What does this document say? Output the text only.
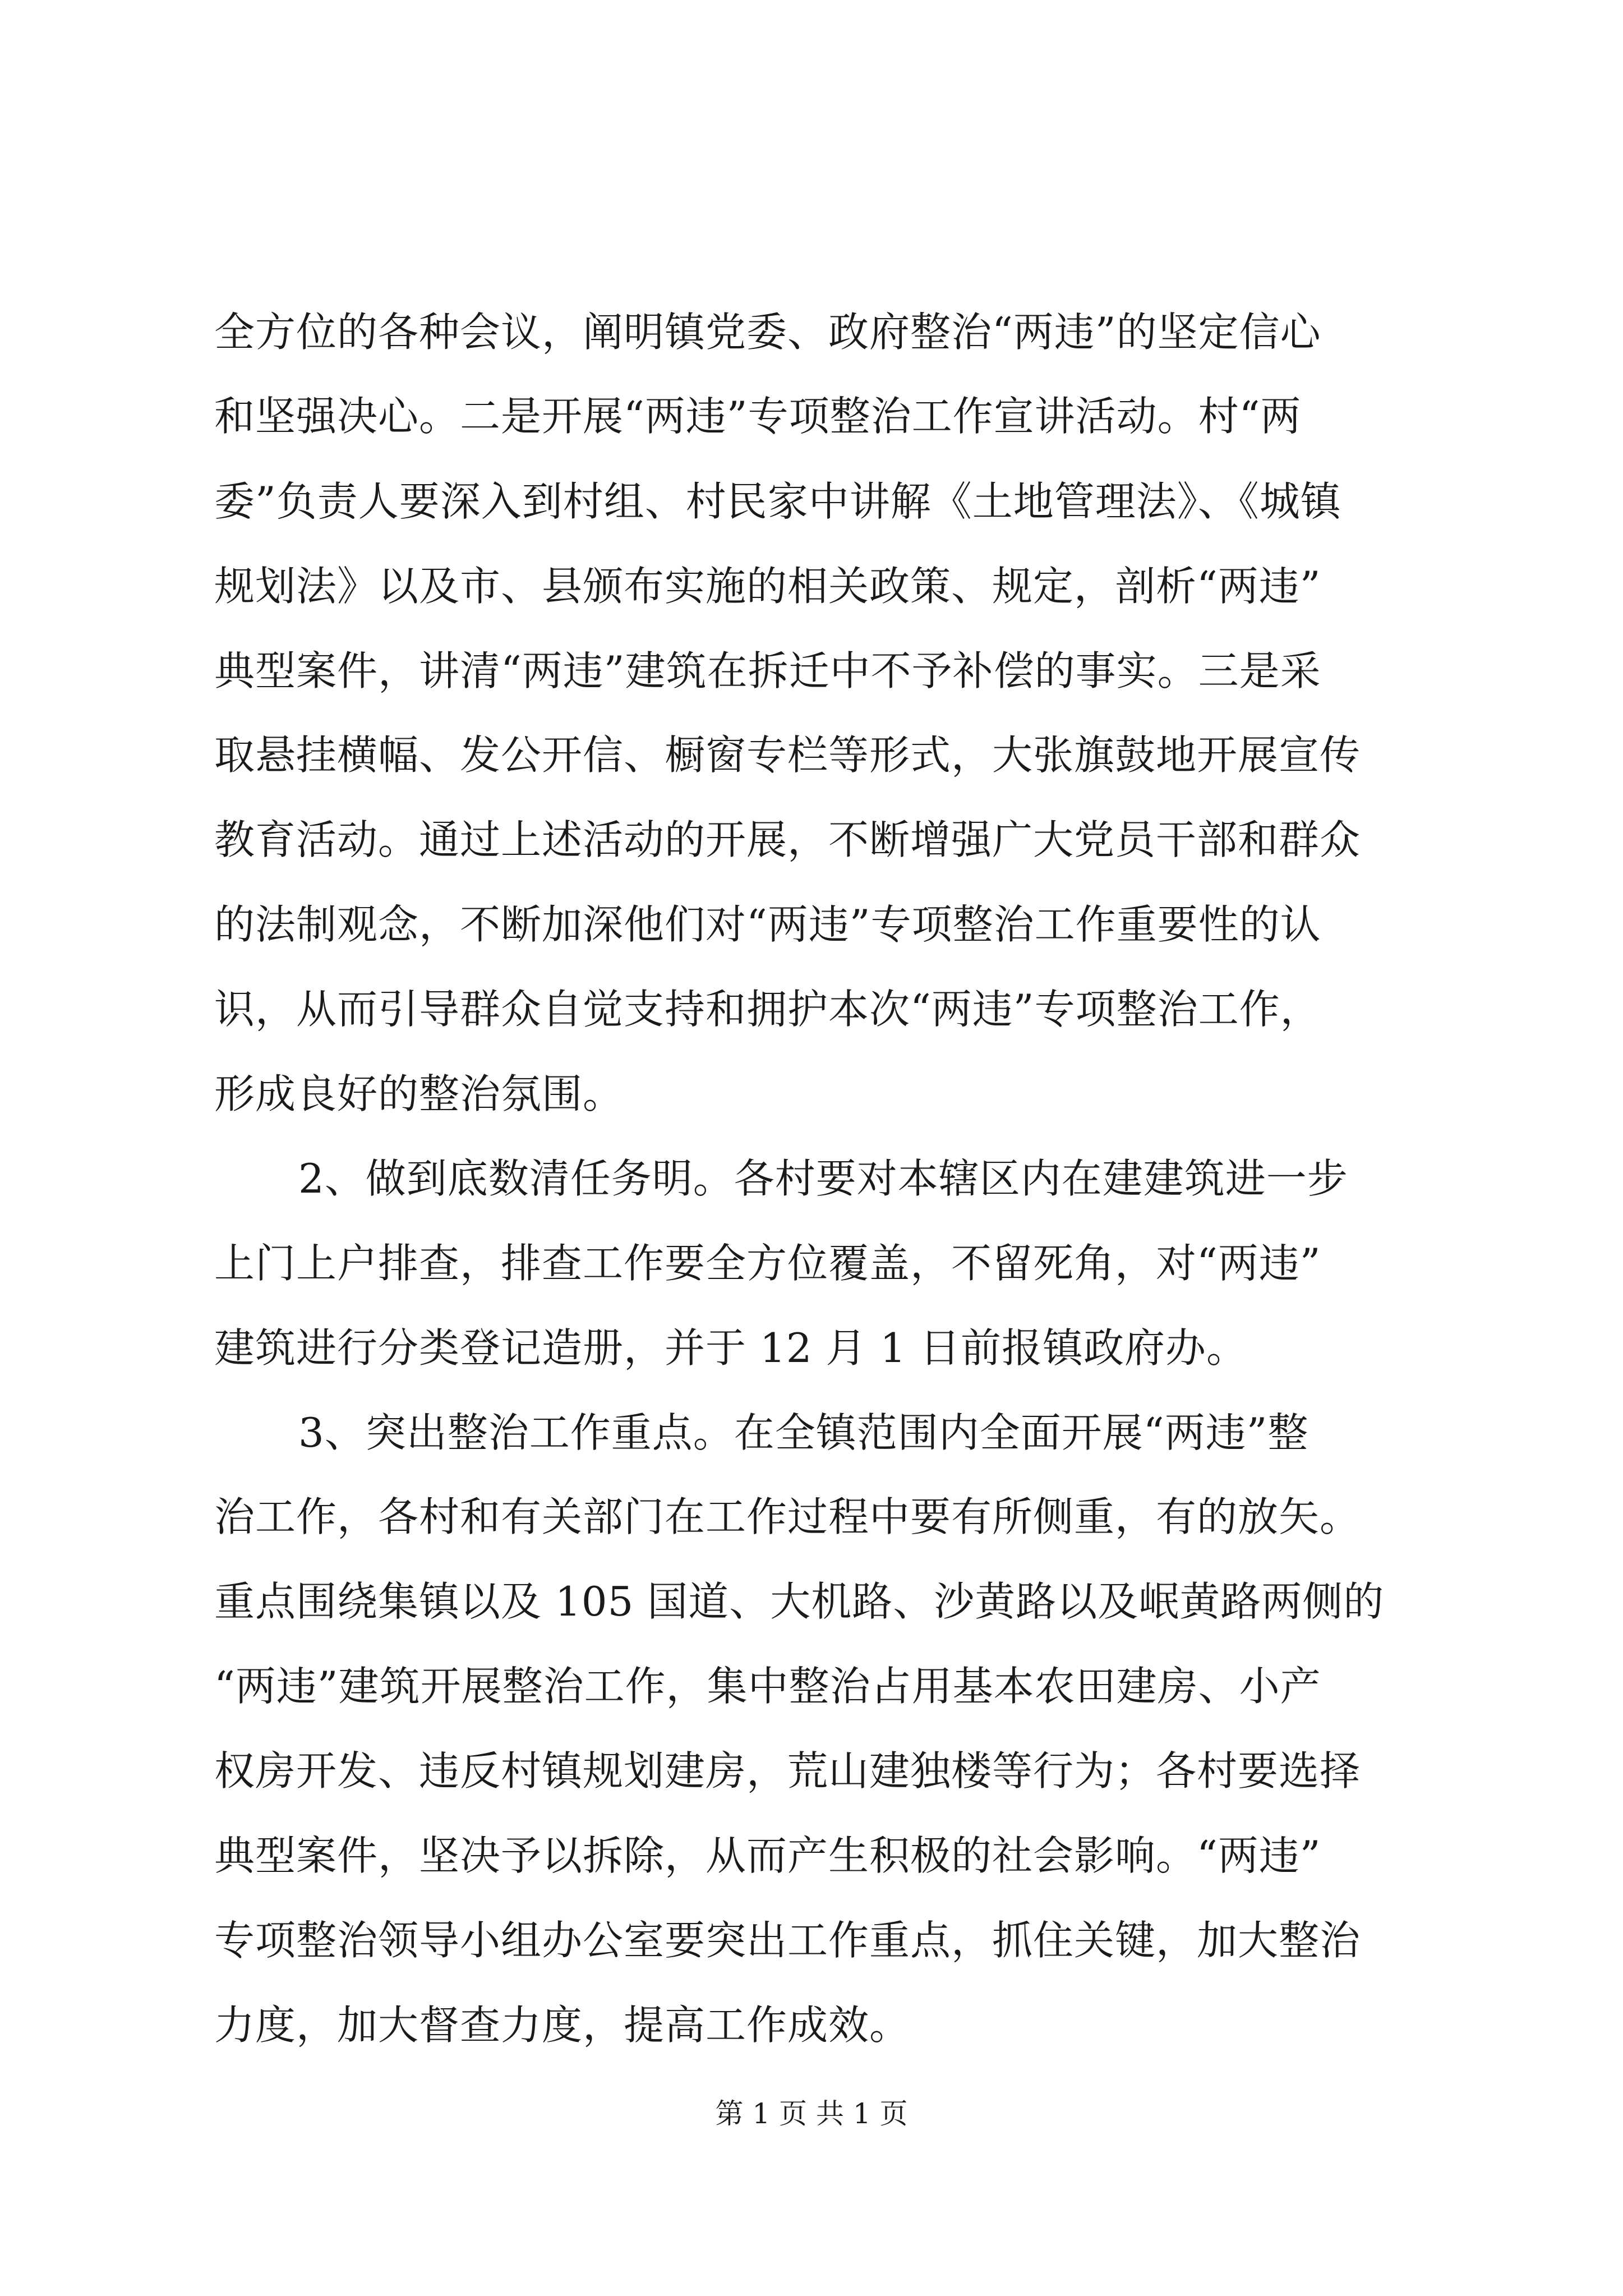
全方位的各种会议，阐明镇党委、政府整治“两违”的坚定信心
和坚强决心。二是开展“两违”专项整治工作宣讲活动。村“两
委”负责人要深入到村组、村民家中讲解《土地管理法》、《城镇
规划法》以及市、县颁布实施的相关政策、规定，剖析“两违”
典型案件，讲清“两违”建筑在拆迁中不予补偿的事实。三是采
取悬挂横幅、发公开信、橱窗专栏等形式，大张旗鼓地开展宣传
教育活动。通过上述活动的开展，不断增强广大党员干部和群众
的法制观念，不断加深他们对“两违”专项整治工作重要性的认
识，从而引导群众自觉支持和拥护本次“两违”专项整治工作，
形成良好的整治氛围。
2、做到底数清任务明。各村要对本辖区内在建建筑进一步
上门上户排查，排查工作要全方位覆盖，不留死角，对“两违”
建筑进行分类登记造册，并于 12 月 1 日前报镇政府办。
3、突出整治工作重点。在全镇范围内全面开展“两违”整
治工作，各村和有关部门在工作过程中要有所侧重，有的放矢。
重点围绕集镇以及 105 国道、大机路、沙黄路以及岷黄路两侧的
“两违”建筑开展整治工作，集中整治占用基本农田建房、小产
权房开发、违反村镇规划建房，荒山建独楼等行为；各村要选择
典型案件，坚决予以拆除，从而产生积极的社会影响。“两违”
专项整治领导小组办公室要突出工作重点，抓住关键，加大整治
力度，加大督查力度，提高工作成效。
第 1 页 共 1 页
